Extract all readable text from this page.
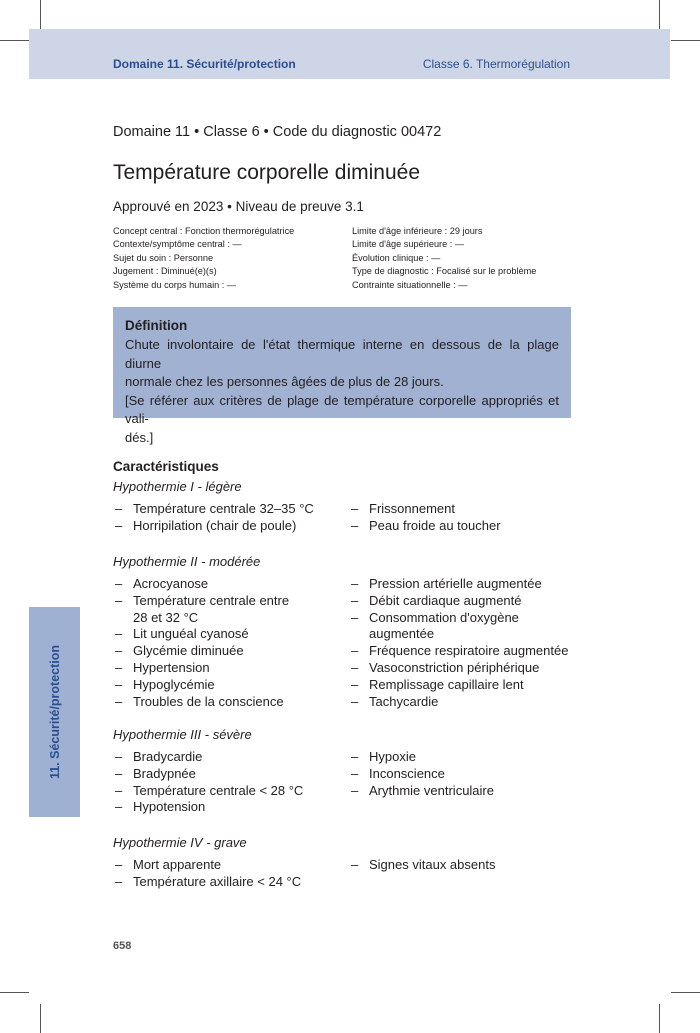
Domaine 11. Sécurité/protection	Classe 6. Thermorégulation
11. Sécurité/protection
Domaine 11 • Classe 6 • Code du diagnostic 00472
Température corporelle diminuée
Approuvé en 2023 • Niveau de preuve 3.1
Concept central : Fonction thermorégulatrice
Contexte/symptôme central : —
Sujet du soin : Personne
Jugement : Diminué(e)(s)
Système du corps humain : —
Limite d'âge inférieure : 29 jours
Limite d'âge supérieure : —
Évolution clinique : —
Type de diagnostic : Focalisé sur le problème
Contrainte situationnelle : —
Définition
Chute involontaire de l'état thermique interne en dessous de la plage diurne
normale chez les personnes âgées de plus de 28 jours.
[Se référer aux critères de plage de température corporelle appropriés et vali-
dés.]
Caractéristiques
Hypothermie I - légère
– Température centrale 32–35 °C
– Horripilation (chair de poule)
– Frissonnement
– Peau froide au toucher
Hypothermie II - modérée
– Acrocyanose
– Température centrale entre 28 et 32 °C
– Lit unguéal cyanosé
– Glycémie diminuée
– Hypertension
– Hypoglycémie
– Troubles de la conscience
– Pression artérielle augmentée
– Débit cardiaque augmenté
– Consommation d'oxygène augmentée
– Fréquence respiratoire augmentée
– Vasoconstriction périphérique
– Remplissage capillaire lent
– Tachycardie
Hypothermie III - sévère
– Bradycardie
– Bradypnée
– Température centrale < 28 °C
– Hypotension
– Hypoxie
– Inconscience
– Arythmie ventriculaire
Hypothermie IV - grave
– Mort apparente
– Température axillaire < 24 °C
– Signes vitaux absents
658
